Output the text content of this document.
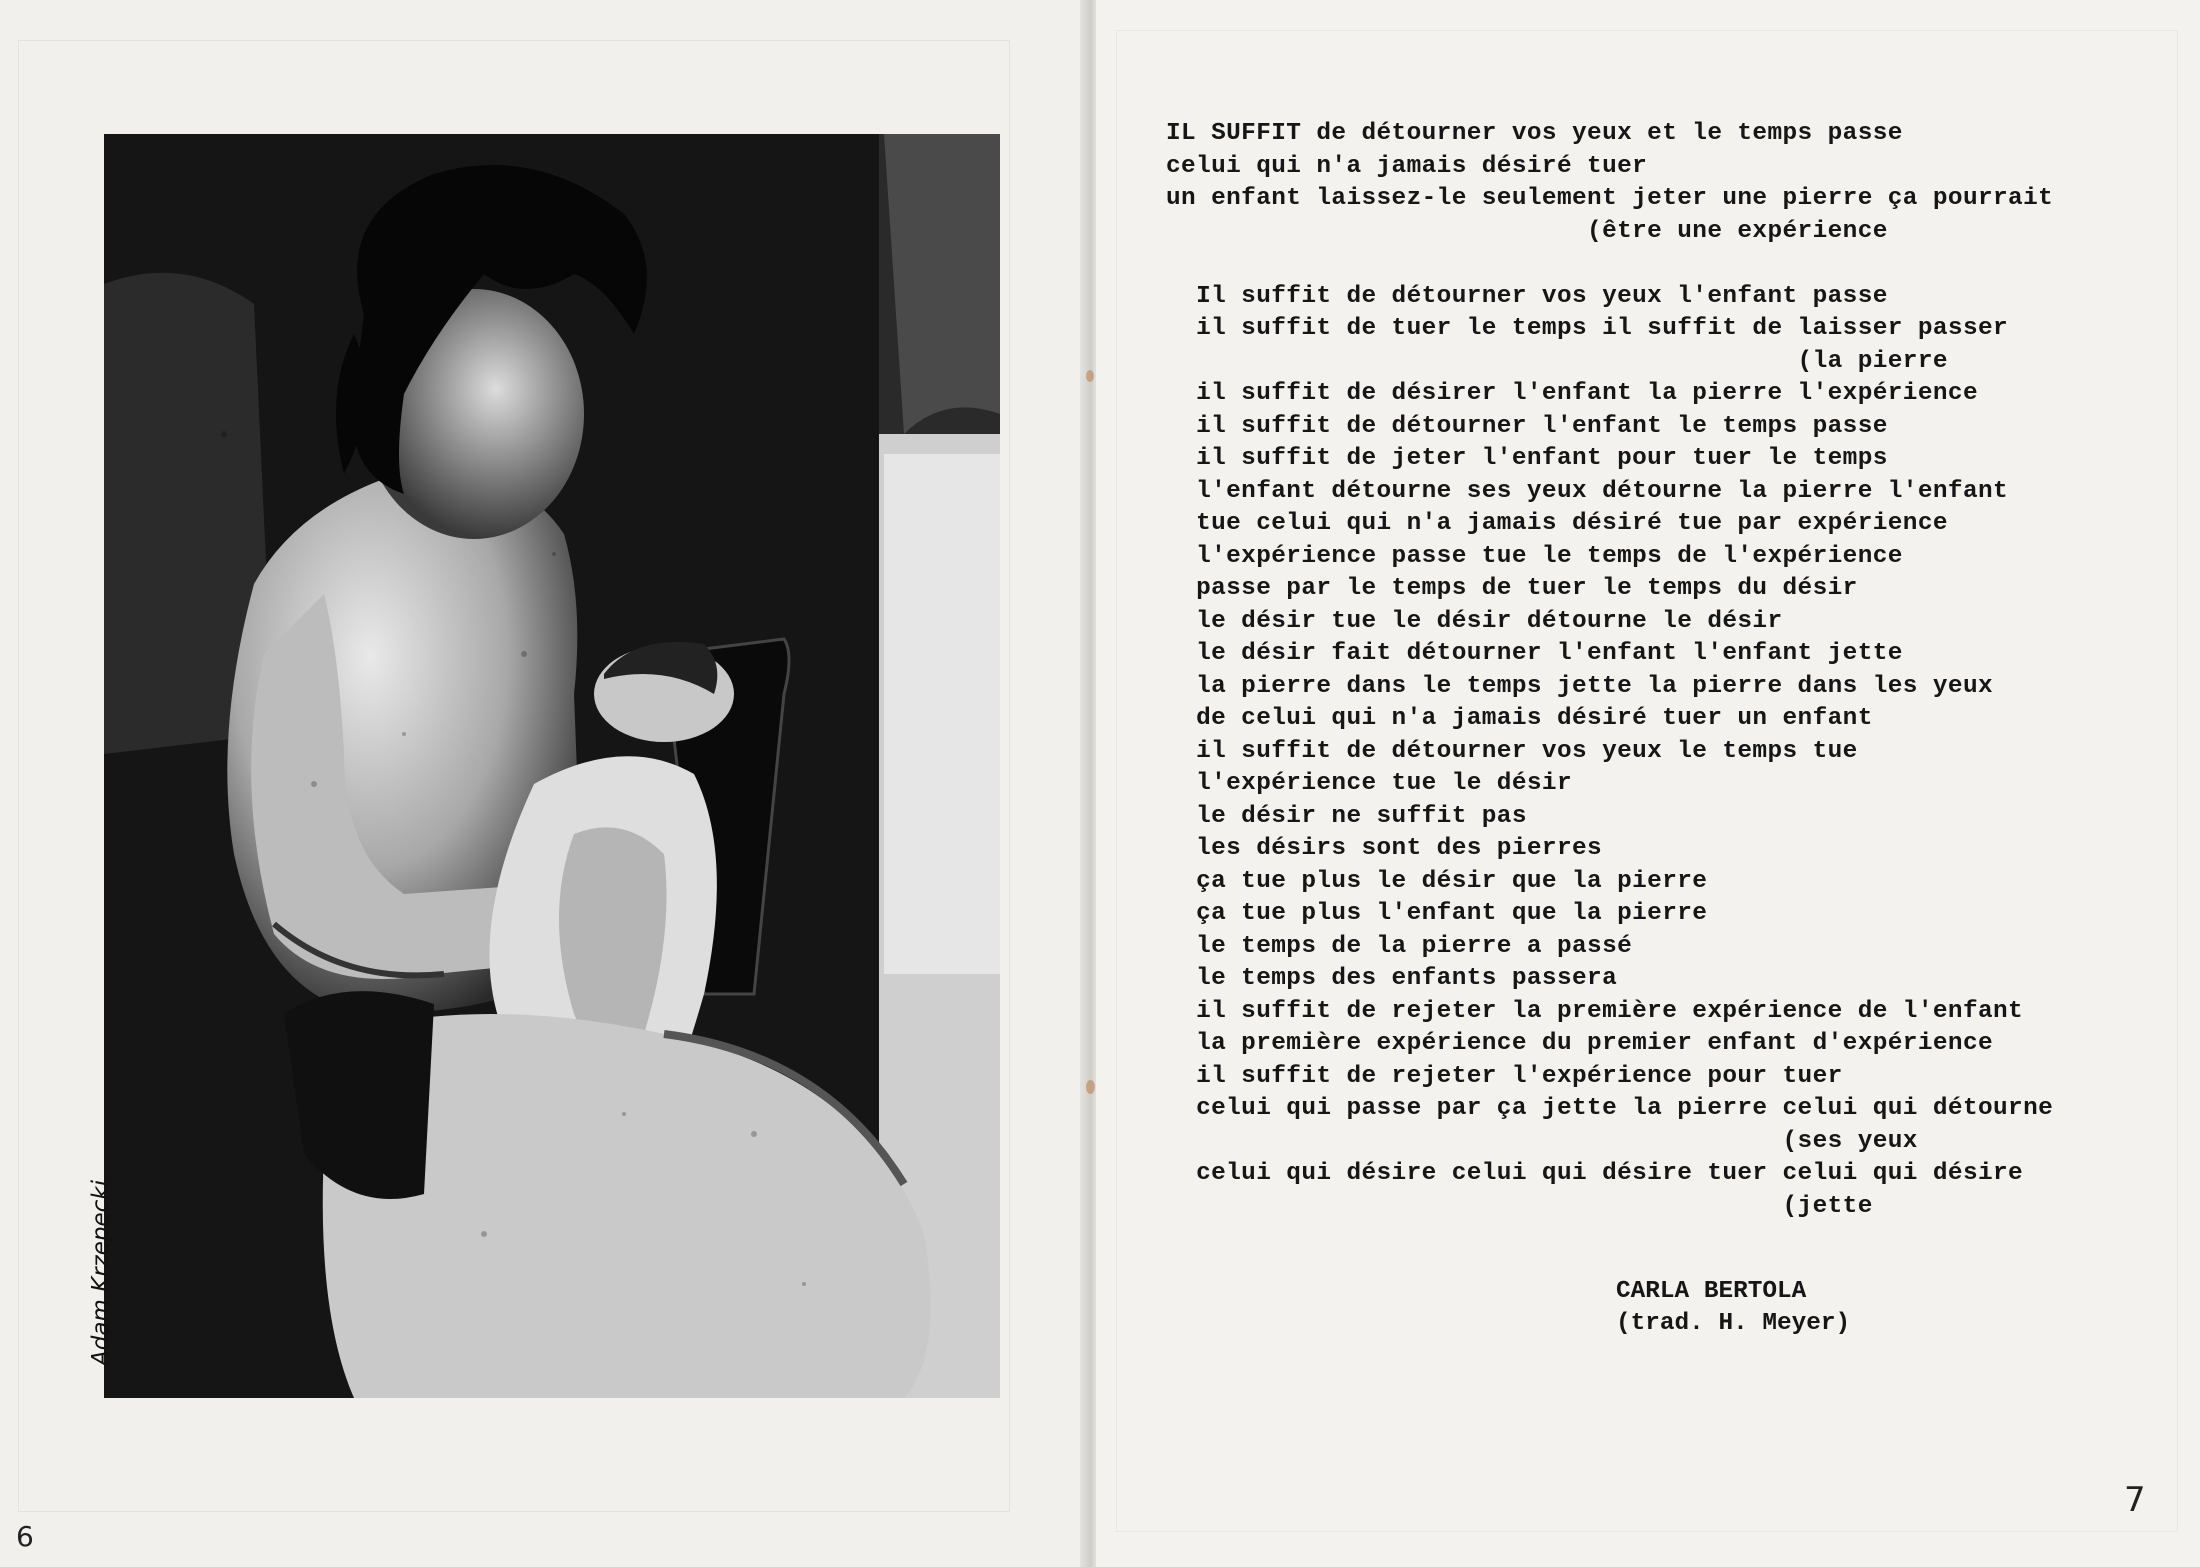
Adam Krzepecki
6
IL SUFFIT de détourner vos yeux et le temps passe
celui qui n'a jamais désiré tuer
un enfant laissez-le seulement jeter une pierre ça pourrait
(être une expérience

Il suffit de détourner vos yeux l'enfant passe
il suffit de tuer le temps il suffit de laisser passer
(la pierre
il suffit de désirer l'enfant la pierre l'expérience
il suffit de détourner l'enfant le temps passe
il suffit de jeter l'enfant pour tuer le temps
l'enfant détourne ses yeux détourne la pierre l'enfant
tue celui qui n'a jamais désiré tue par expérience
l'expérience passe tue le temps de l'expérience
passe par le temps de tuer le temps du désir
le désir tue le désir détourne le désir
le désir fait détourner l'enfant l'enfant jette
la pierre dans le temps jette la pierre dans les yeux
de celui qui n'a jamais désiré tuer un enfant
il suffit de détourner vos yeux le temps tue
l'expérience tue le désir
le désir ne suffit pas
les désirs sont des pierres
ça tue plus le désir que la pierre
ça tue plus l'enfant que la pierre
le temps de la pierre a passé
le temps des enfants passera
il suffit de rejeter la première expérience de l'enfant
la première expérience du premier enfant d'expérience
il suffit de rejeter l'expérience pour tuer
celui qui passe par ça jette la pierre celui qui détourne
(ses yeux
celui qui désire celui qui désire tuer celui qui désire
(jette

CARLA BERTOLA
(trad. H. Meyer)
7
